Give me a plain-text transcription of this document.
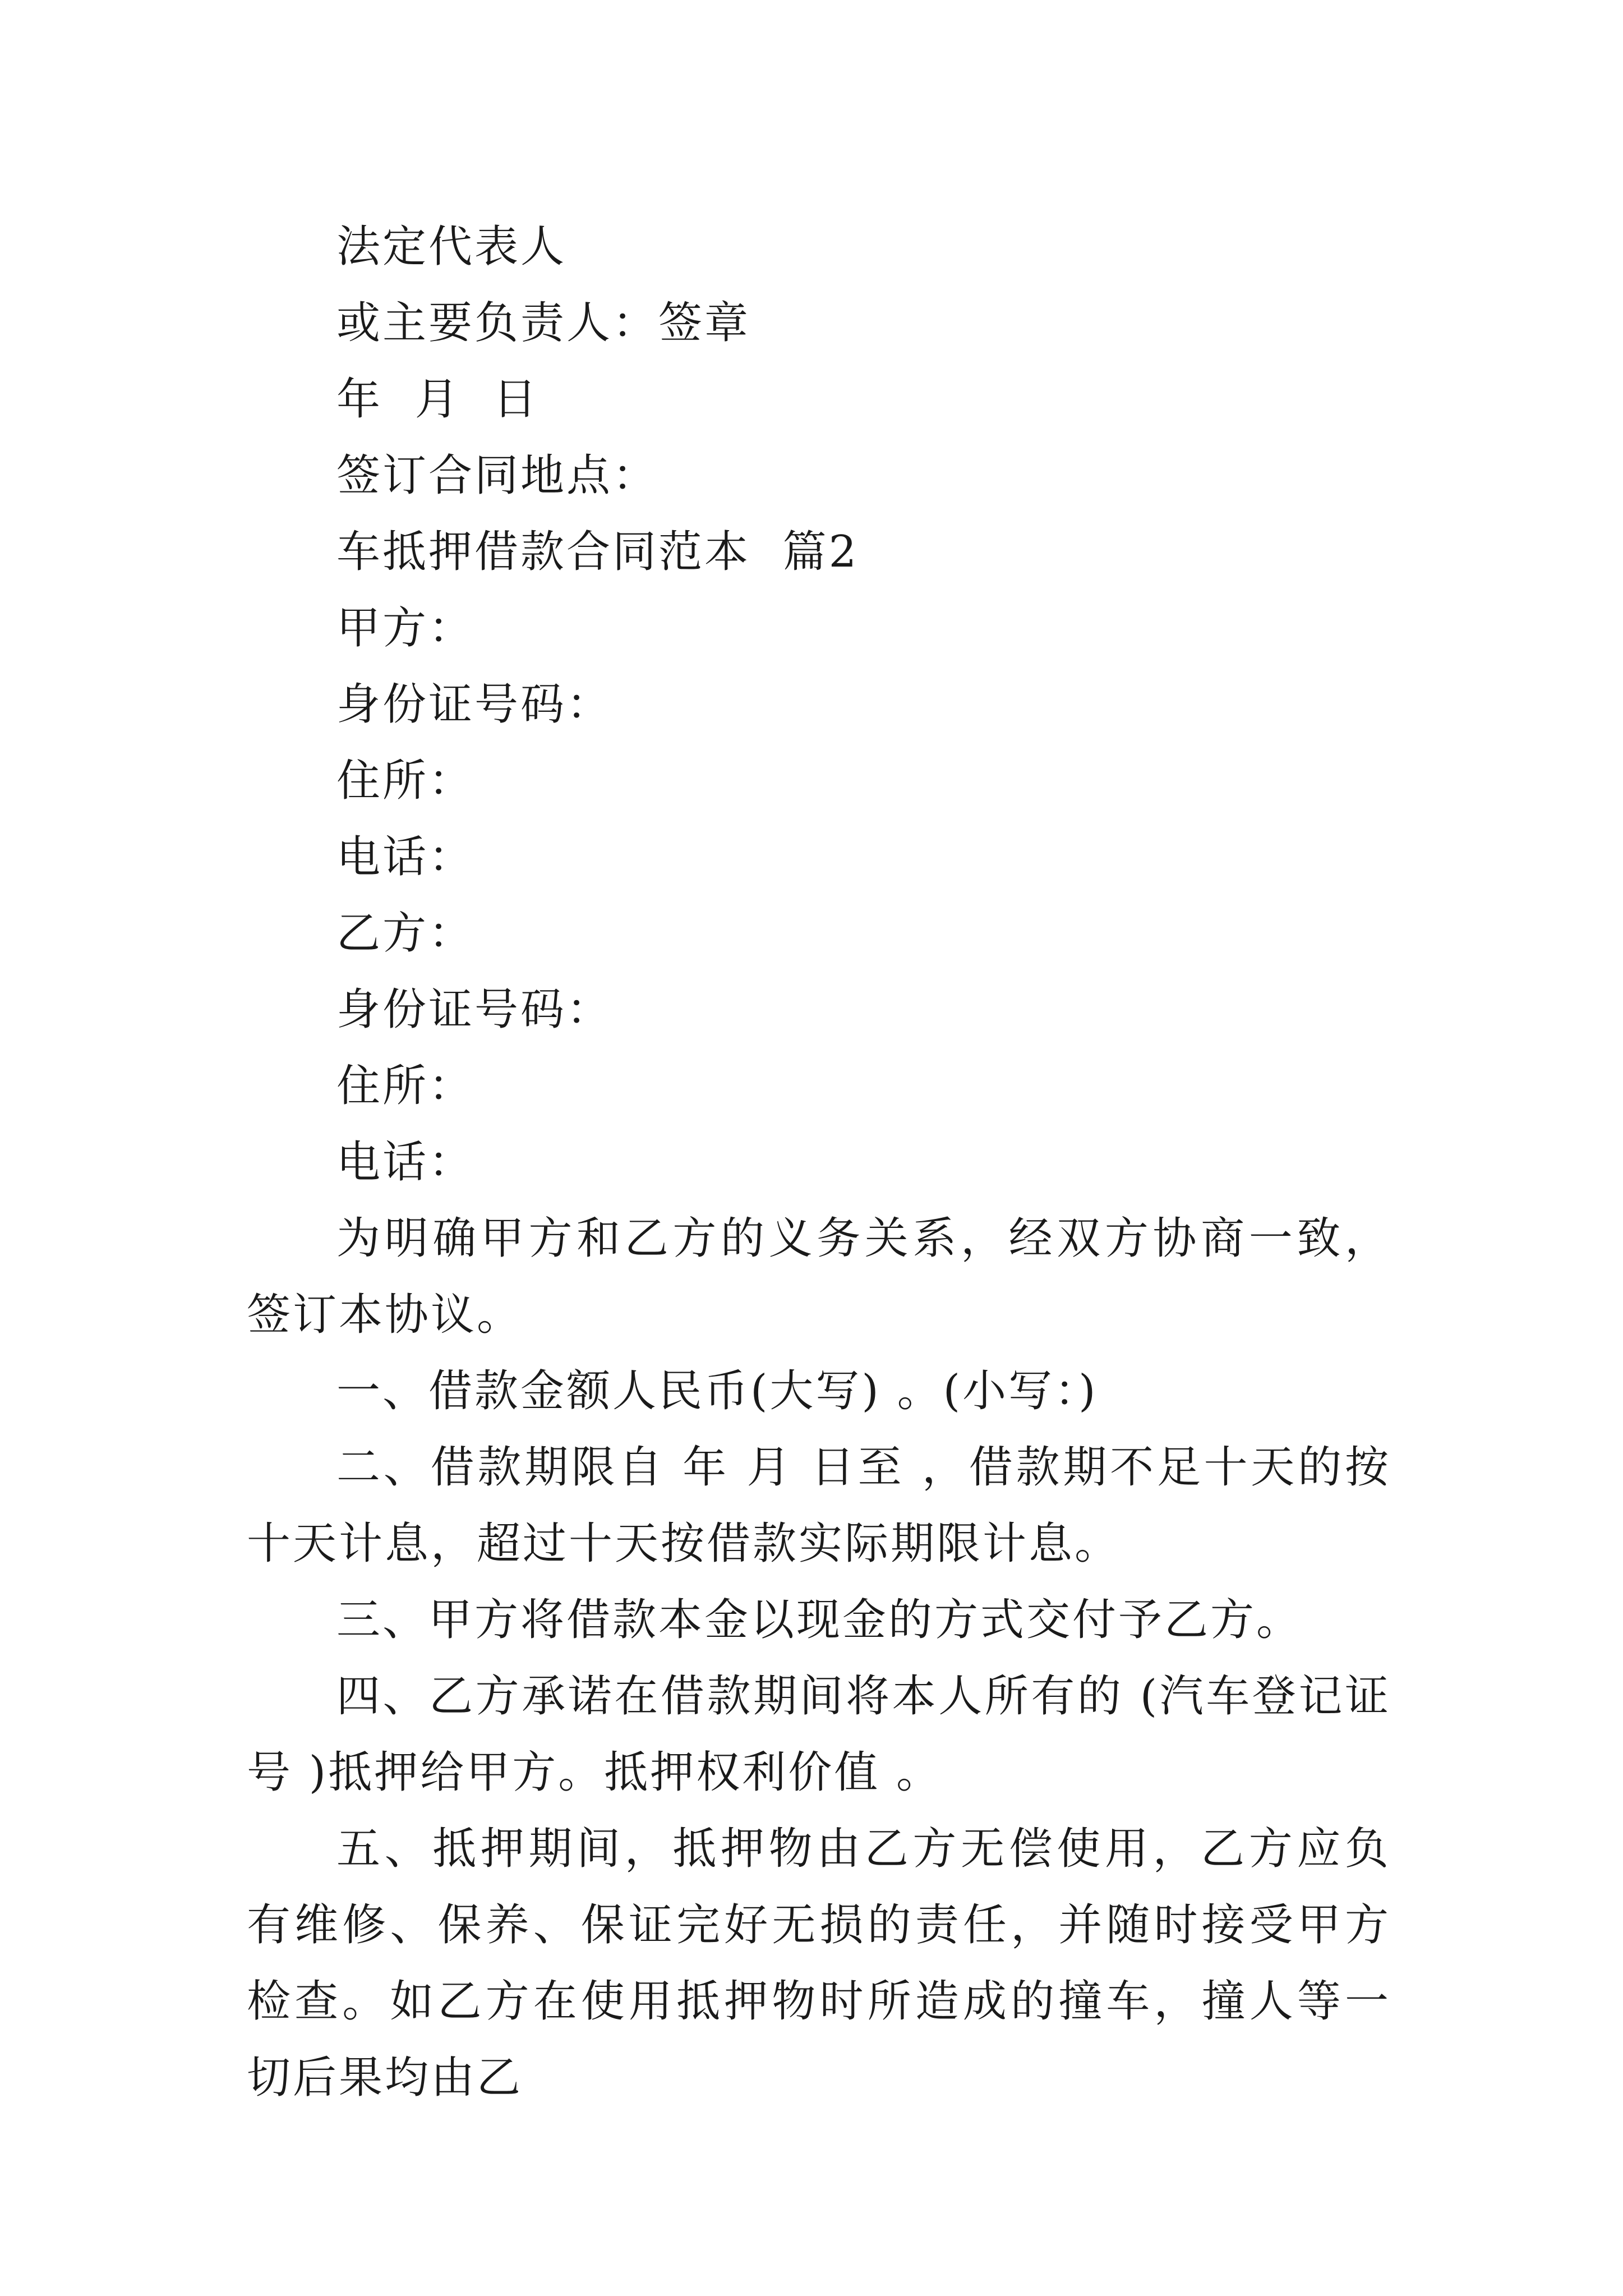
法定代表人
或主要负责人：签章
年  月  日
签订合同地点：
车抵押借款合同范本  篇2
甲方：
身份证号码：
住所：
电话：
乙方：
身份证号码：
住所：
电话：
为明确甲方和乙方的义务关系，经双方协商一致，签订本协议。
一、借款金额人民币(大写) 。(小写：)
二、借款期限自 年 月 日至 ，借款期不足十天的按十天计息，超过十天按借款实际期限计息。
三、甲方将借款本金以现金的方式交付予乙方。
四、乙方承诺在借款期间将本人所有的 (汽车登记证号 )抵押给甲方。抵押权利价值 。
五、抵押期间，抵押物由乙方无偿使用，乙方应负有维修、保养、保证完好无损的责任，并随时接受甲方检查。如乙方在使用抵押物时所造成的撞车，撞人等一切后果均由乙
